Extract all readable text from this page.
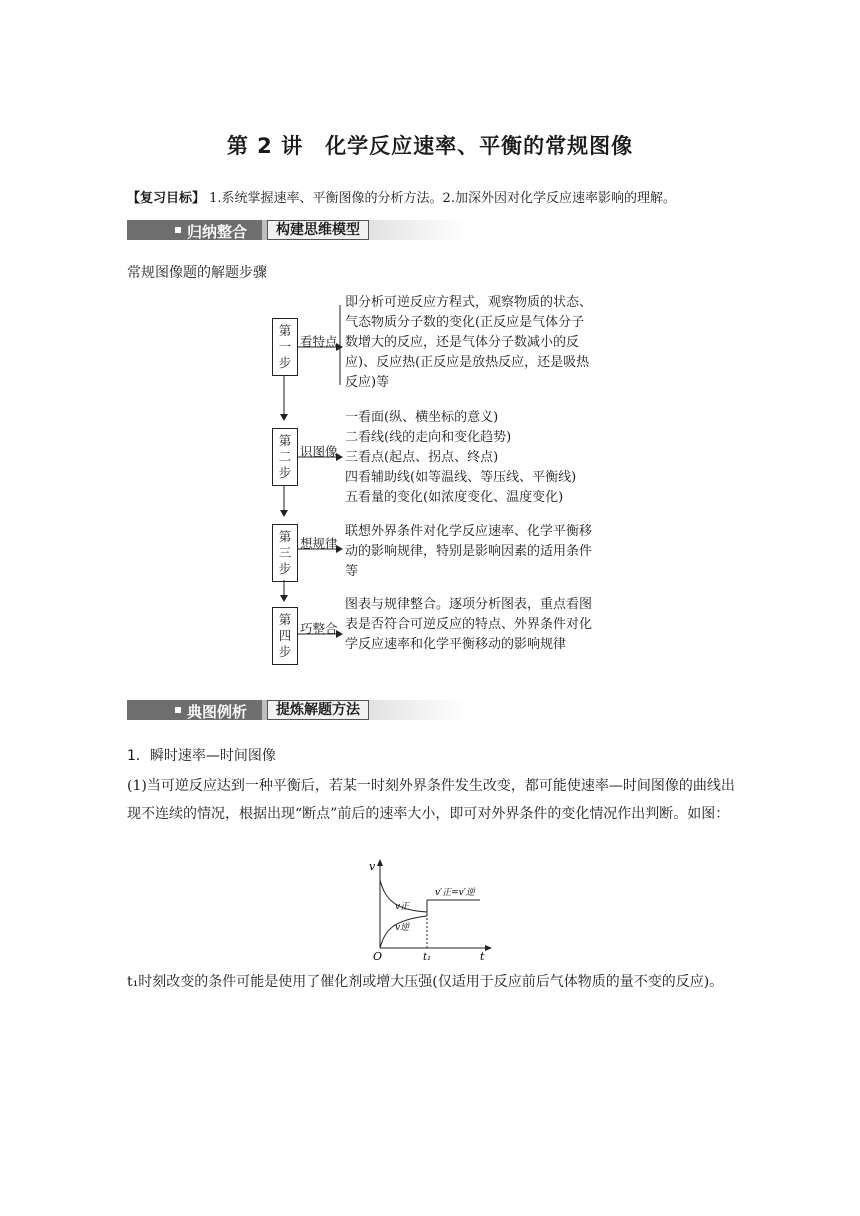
第 2 讲　化学反应速率、平衡的常规图像
【复习目标】 1.系统掌握速率、平衡图像的分析方法。2.加深外因对化学反应速率影响的理解。
归纳整合	构建思维模型
常规图像题的解题步骤
第
一
步
看特点
即分析可逆反应方程式，观察物质的状态、气态物质分子数的变化(正反应是气体分子数增大的反应，还是气体分子数减小的反应)、反应热(正反应是放热反应，还是吸热反应)等
第
二
步
识图像
一看面(纵、横坐标的意义)
二看线(线的走向和变化趋势)
三看点(起点、拐点、终点)
四看辅助线(如等温线、等压线、平衡线)
五看量的变化(如浓度变化、温度变化)
第
三
步
想规律
联想外界条件对化学反应速率、化学平衡移动的影响规律，特别是影响因素的适用条件等
第
四
步
巧整合
图表与规律整合。逐项分析图表，重点看图表是否符合可逆反应的特点、外界条件对化学反应速率和化学平衡移动的影响规律
典图例析	提炼解题方法
1．瞬时速率—时间图像
(1)当可逆反应达到一种平衡后，若某一时刻外界条件发生改变，都可能使速率—时间图像的曲线出现不连续的情况，根据出现“断点”前后的速率大小，即可对外界条件的变化情况作出判断。如图：
v
t
O	t₁
v正
v逆
v′正=v′逆
t₁时刻改变的条件可能是使用了催化剂或增大压强(仅适用于反应前后气体物质的量不变的反应)。
